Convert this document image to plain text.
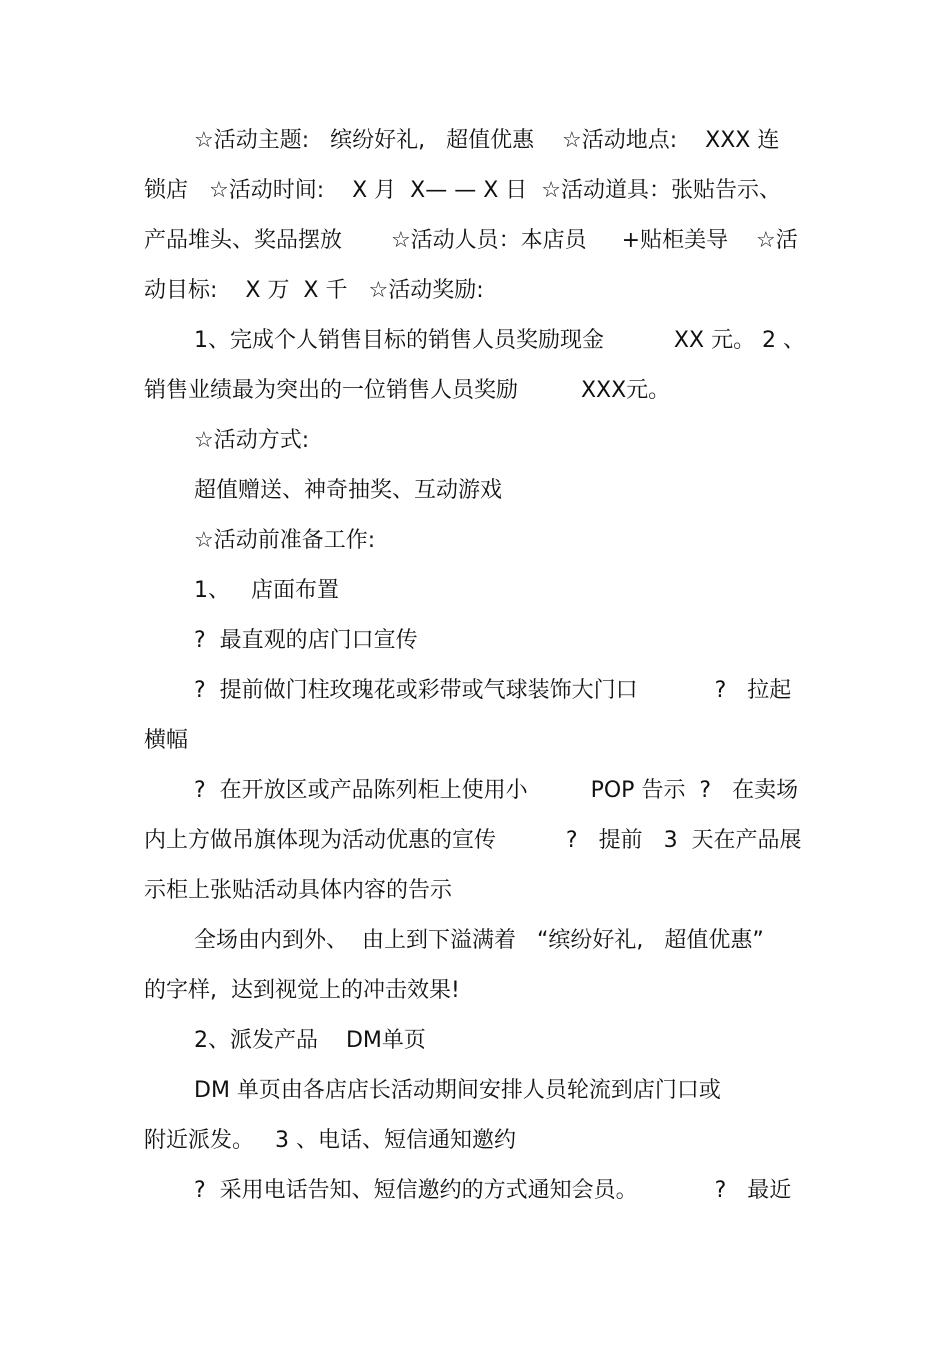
☆活动主题:   缤纷好礼,   超值优惠    ☆活动地点:    XXX 连
锁店   ☆活动时间:    X 月  X— — X 日  ☆活动道具：张贴告示、
产品堆头、奖品摆放       ☆活动人员：本店员     +贴柜美导    ☆活
动目标:    X 万  X 千   ☆活动奖励:
1、完成个人销售目标的销售人员奖励现金          XX 元。 2 、
销售业绩最为突出的一位销售人员奖励         XXX元。
☆活动方式:
超值赠送、神奇抽奖、互动游戏
☆活动前准备工作:
1、   店面布置
?  最直观的店门口宣传
?  提前做门柱玫瑰花或彩带或气球装饰大门口           ?   拉起
横幅
?  在开放区或产品陈列柜上使用小         POP 告示  ?   在卖场
内上方做吊旗体现为活动优惠的宣传          ?   提前   3  天在产品展
示柜上张贴活动具体内容的告示
全场由内到外、  由上到下溢满着   “缤纷好礼,   超值优惠”
的字样,  达到视觉上的冲击效果!
2、派发产品    DM单页
DM 单页由各店店长活动期间安排人员轮流到店门口或
附近派发。   3 、电话、短信通知邀约
?  采用电话告知、短信邀约的方式通知会员。           ?   最近
